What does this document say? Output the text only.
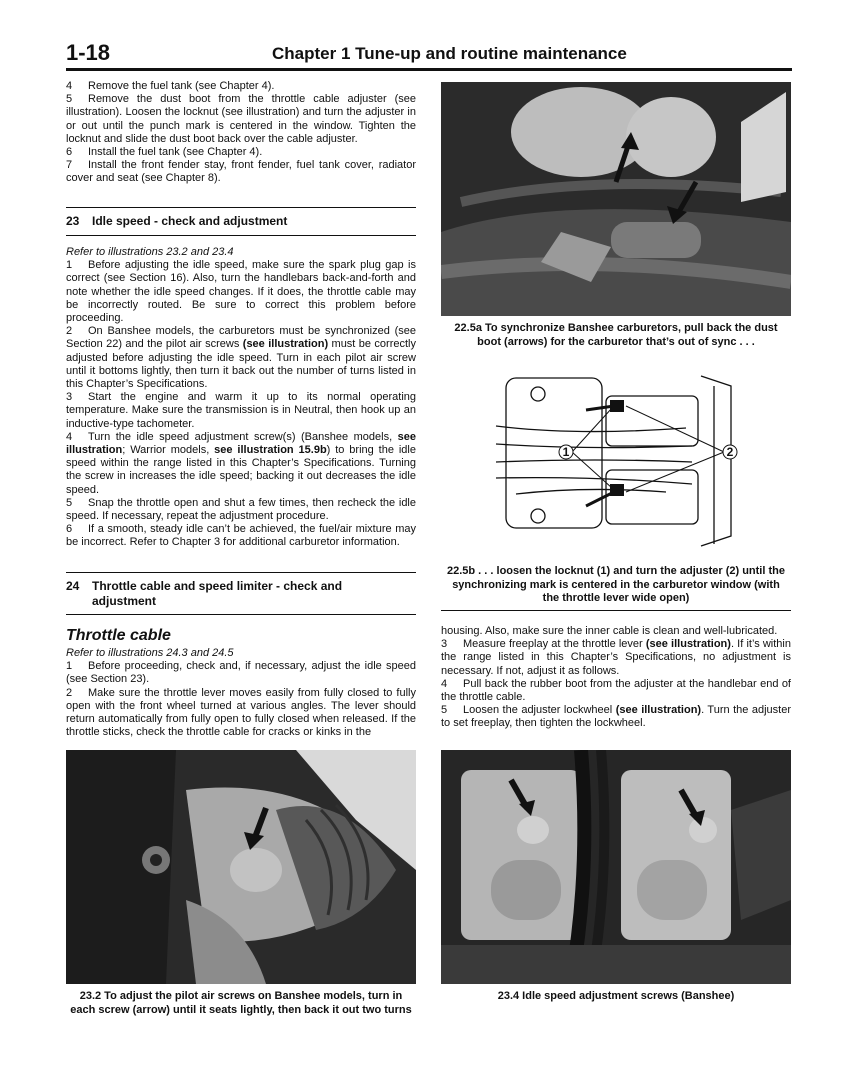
1-18	Chapter 1 Tune-up and routine maintenance

4 Remove the fuel tank (see Chapter 4).

5 Remove the dust boot from the throttle cable adjuster (see illustration). Loosen the locknut (see illustration) and turn the adjuster in or out until the punch mark is centered in the window. Tighten the locknut and slide the dust boot back over the cable adjuster.

6 Install the fuel tank (see Chapter 4).

7 Install the front fender stay, front fender, fuel tank cover, radiator cover and seat (see Chapter 8).

23 Idle speed - check and adjustment

Refer to illustrations 23.2 and 23.4

1 Before adjusting the idle speed, make sure the spark plug gap is correct (see Section 16). Also, turn the handlebars back-and-forth and note whether the idle speed changes. If it does, the throttle cable may be incorrectly routed. Be sure to correct this problem before proceeding.

2 On Banshee models, the carburetors must be synchronized (see Section 22) and the pilot air screws (see illustration) must be correctly adjusted before adjusting the idle speed. Turn in each pilot air screw until it bottoms lightly, then turn it back out the number of turns listed in this Chapter’s Specifications.

3 Start the engine and warm it up to its normal operating temperature. Make sure the transmission is in Neutral, then hook up an inductive-type tachometer.

4 Turn the idle speed adjustment screw(s) (Banshee models, see illustration; Warrior models, see illustration 15.9b) to bring the idle speed within the range listed in this Chapter’s Specifications. Turning the screw in increases the idle speed; backing it out decreases the idle speed.

5 Snap the throttle open and shut a few times, then recheck the idle speed. If necessary, repeat the adjustment procedure.

6 If a smooth, steady idle can’t be achieved, the fuel/air mixture may be incorrect. Refer to Chapter 3 for additional carburetor information.

24 Throttle cable and speed limiter - check and
adjustment
Throttle cable

Refer to illustrations 24.3 and 24.5

1 Before proceeding, check and, if necessary, adjust the idle speed (see Section 23).

2 Make sure the throttle lever moves easily from fully closed to fully open with the front wheel turned at various angles. The lever should return automatically from fully open to fully closed when released. If the throttle sticks, check the throttle cable for cracks or kinks in the

22.5a To synchronize Banshee carburetors, pull back the dust
boot (arrows) for the carburetor that’s out of sync . . .
1	2
22.5b . . . loosen the locknut (1) and turn the adjuster (2) until the
synchronizing mark is centered in the carburetor window (with
the throttle lever wide open)

housing. Also, make sure the inner cable is clean and well-lubricated.

3 Measure freeplay at the throttle lever (see illustration). If it’s within the range listed in this Chapter’s Specifications, no adjustment is necessary. If not, adjust it as follows.

4 Pull back the rubber boot from the adjuster at the handlebar end of the throttle cable.

5 Loosen the adjuster lockwheel (see illustration). Turn the adjuster to set freeplay, then tighten the lockwheel.

23.2 To adjust the pilot air screws on Banshee models, turn in
each screw (arrow) until it seats lightly, then back it out two turns
23.4 Idle speed adjustment screws (Banshee)
